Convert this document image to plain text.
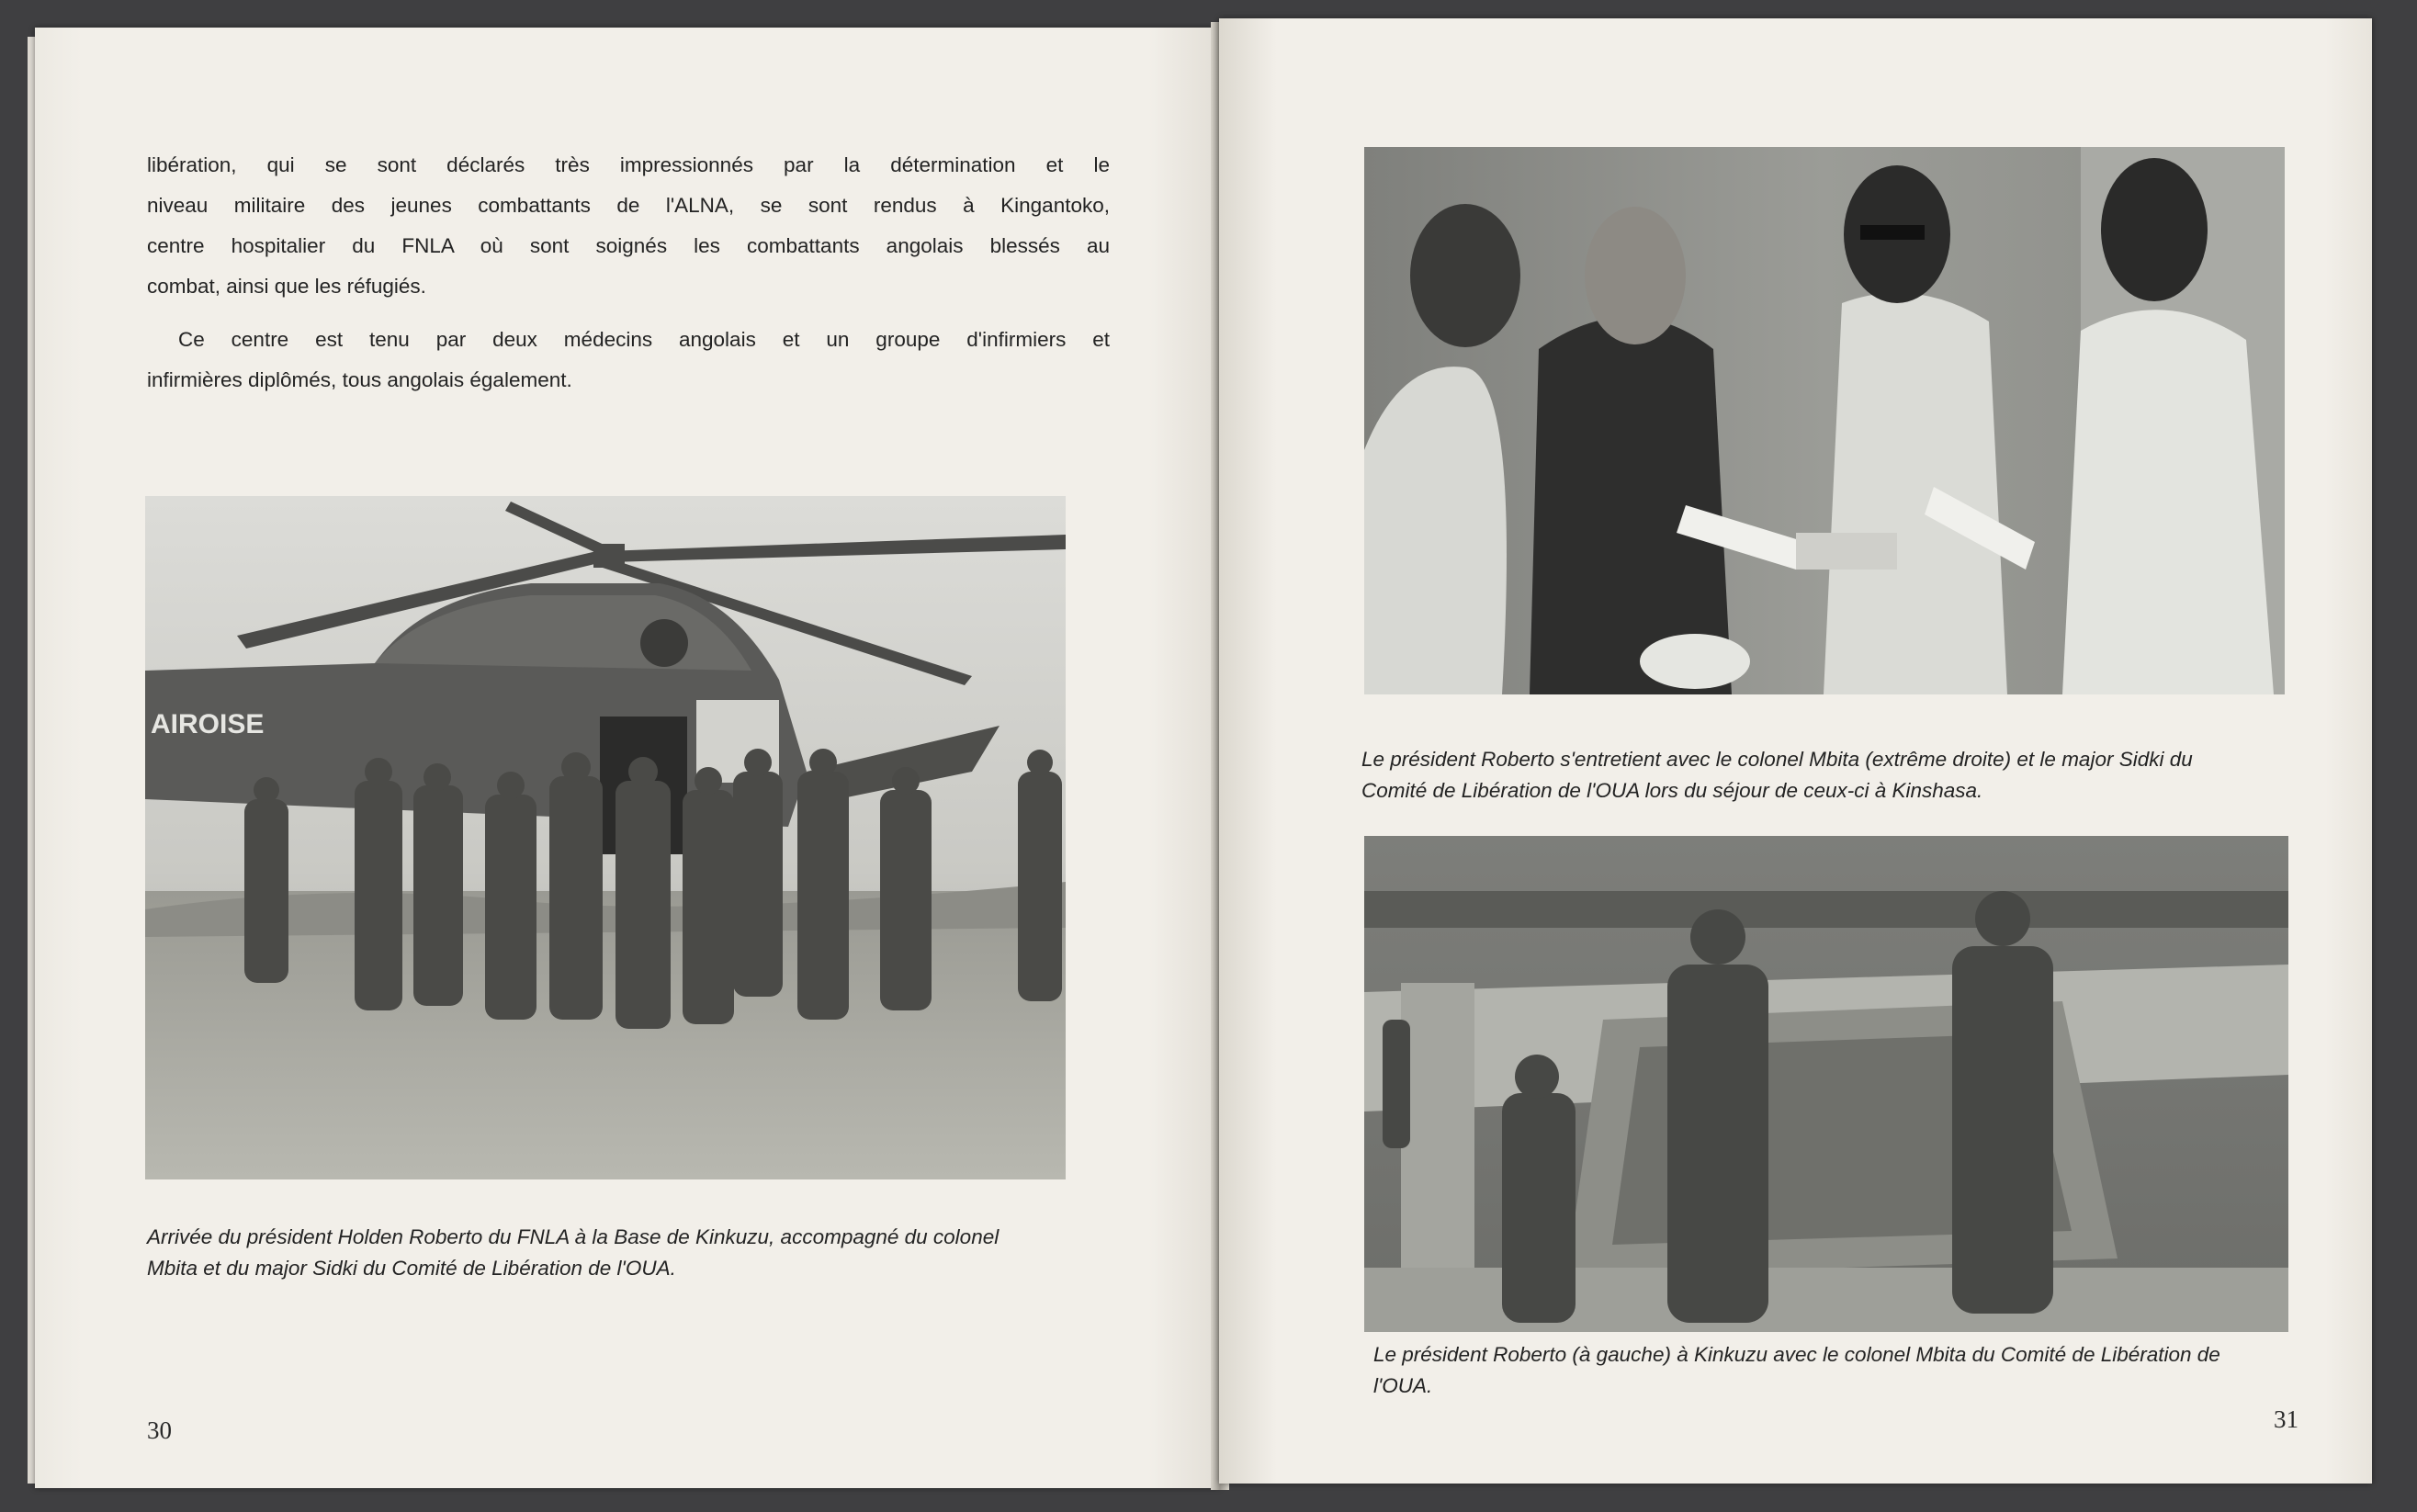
libération, qui se sont déclarés très impressionnés par la détermination et le

niveau militaire des jeunes combattants de l'ALNA, se sont rendus à Kingantoko,

centre hospitalier du FNLA où sont soignés les combattants angolais blessés au

combat, ainsi que les réfugiés.

Ce centre est tenu par deux médecins angolais et un groupe d'infirmiers et

infirmières diplômés, tous angolais également.

AIROISE

Arrivée du président Holden Roberto du FNLA à la Base de Kinkuzu, accompagné du colonel

Mbita et du major Sidki du Comité de Libération de l'OUA.

30

Le président Roberto s'entretient avec le colonel Mbita (extrême droite) et le major Sidki du

Comité de Libération de l'OUA lors du séjour de ceux-ci à Kinshasa.

Le président Roberto (à gauche) à Kinkuzu avec le colonel Mbita du Comité de Libération de

l'OUA.

31
